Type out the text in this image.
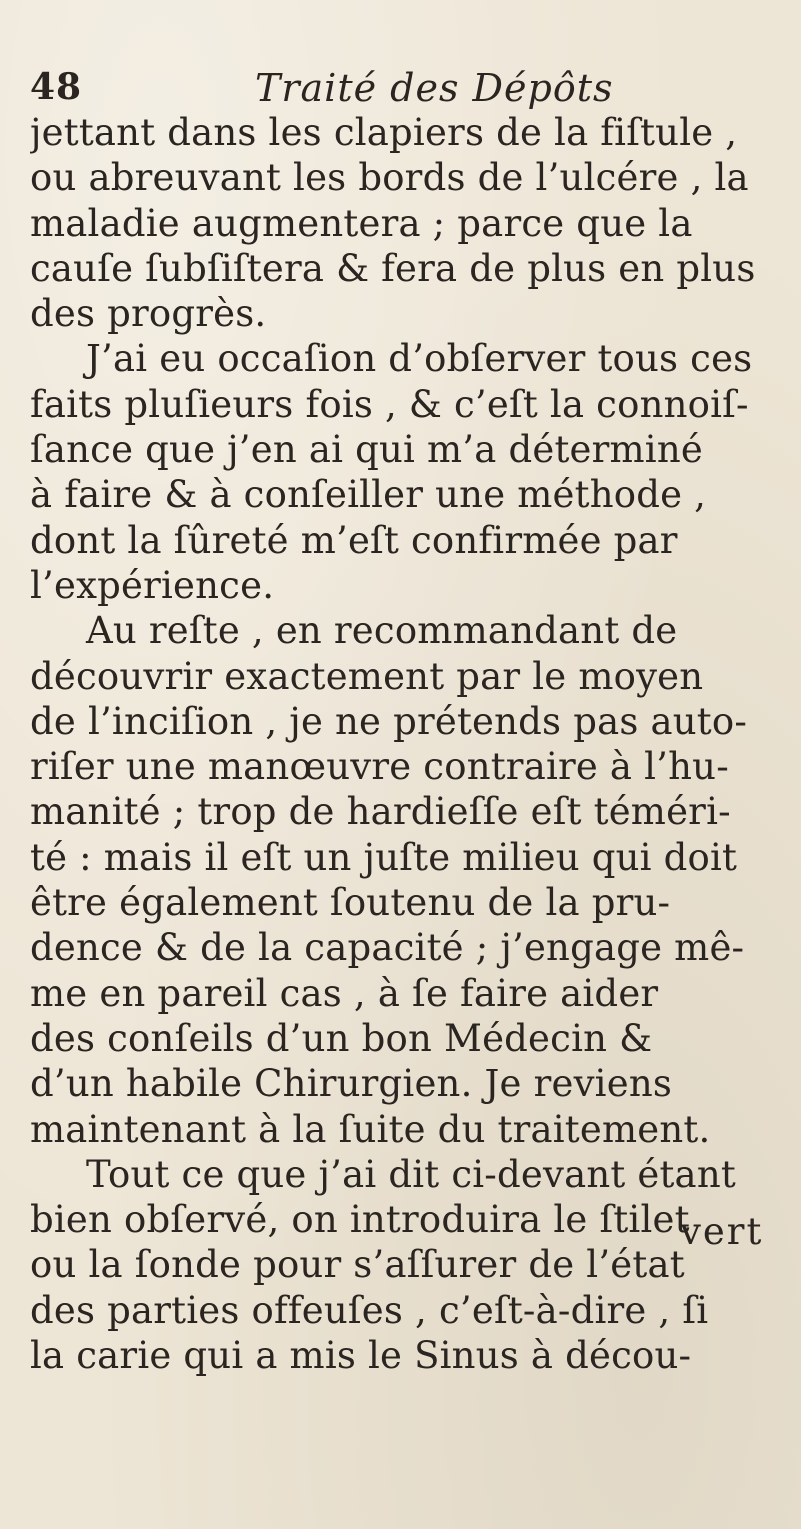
48	Traité des Dépôts
jettant dans les clapiers de la fiſtule ,
ou abreuvant les bords de l’ulcére , la
maladie augmentera ; parce que la
cauſe ſubſiſtera & fera de plus en plus
des progrès.
J’ai eu occaſion d’obſerver tous ces
faits pluſieurs fois , & c’eſt la connoiſ-
ſance que j’en ai qui m’a déterminé
à faire & à conſeiller une méthode ,
dont la ſûreté m’eſt confirmée par
l’expérience.
Au reſte , en recommandant de
découvrir exactement par le moyen
de l’inciſion , je ne prétends pas auto-
riſer une manœuvre contraire à l’hu-
manité ; trop de hardieſſe eſt téméri-
té : mais il eſt un juſte milieu qui doit
être également ſoutenu de la pru-
dence & de la capacité ; j’engage mê-
me en pareil cas , à ſe faire aider
des conſeils d’un bon Médecin &
d’un habile Chirurgien. Je reviens
maintenant à la ſuite du traitement.
Tout ce que j’ai dit ci-devant étant
bien obſervé, on introduira le ſtilet
ou la ſonde pour s’aſſurer de l’état
des parties offeuſes , c’eſt-à-dire , ſi
la carie qui a mis le Sinus à décou-
vert
